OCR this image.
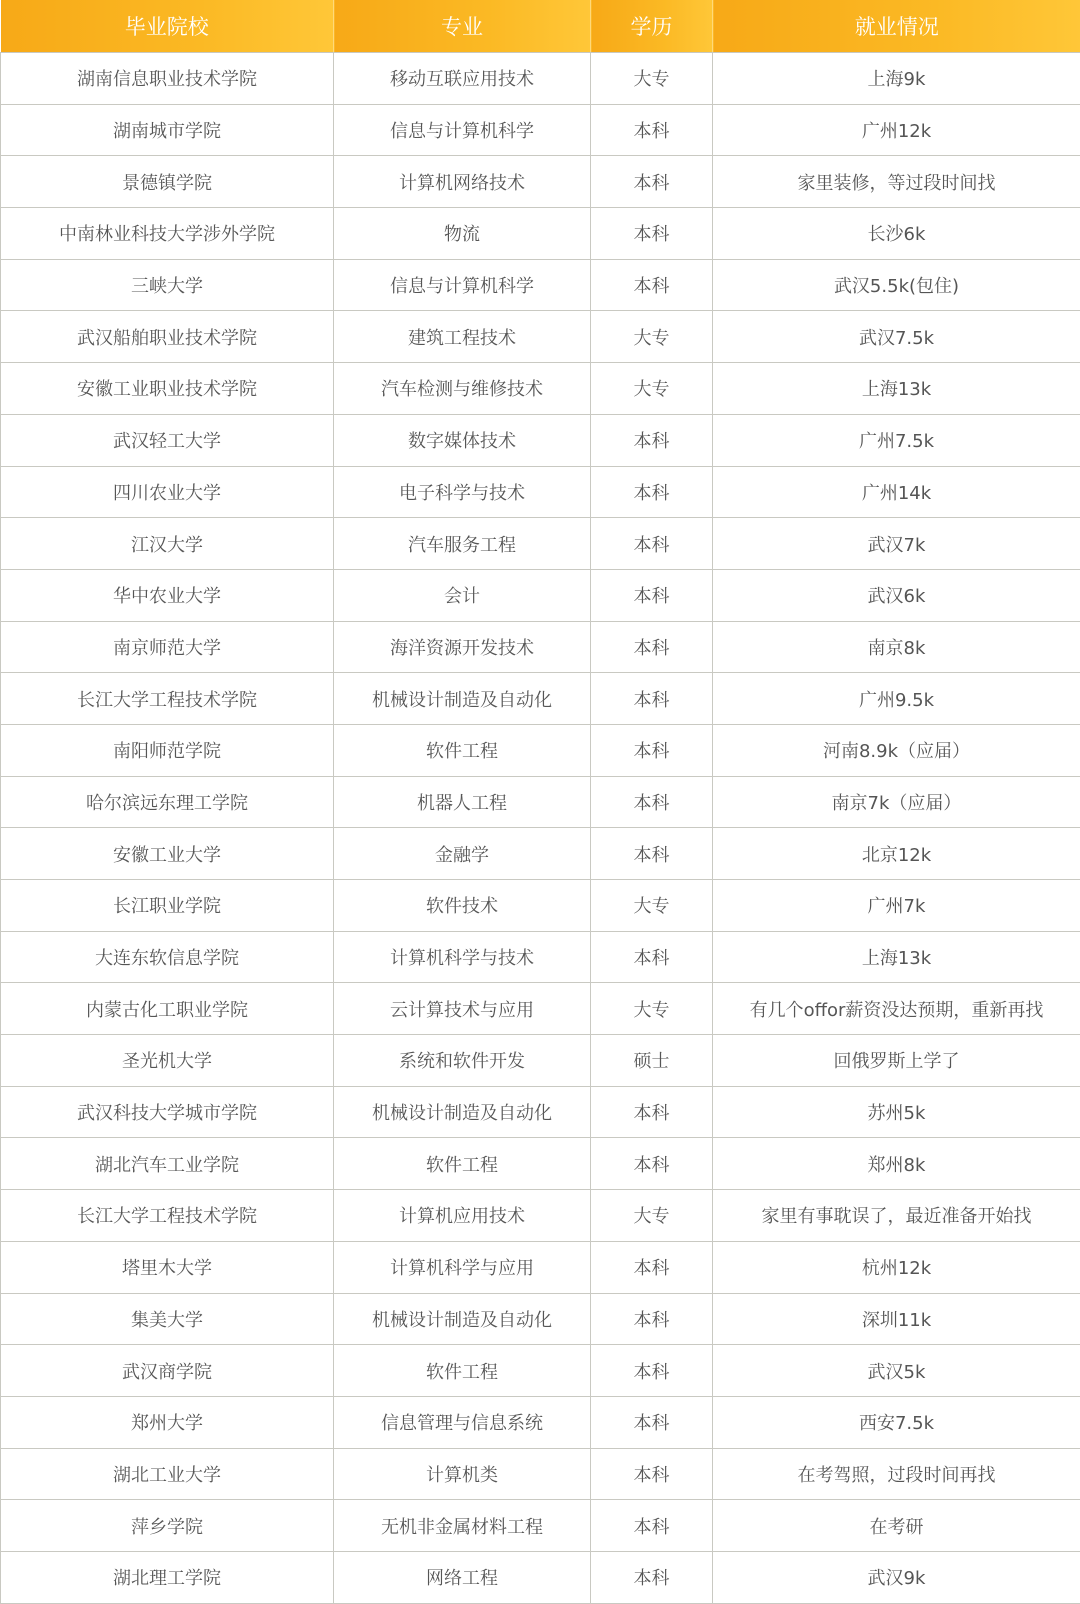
毕业院校	专业	学历	就业情况
湖南信息职业技术学院	移动互联应用技术	大专	上海9k
湖南城市学院	信息与计算机科学	本科	广州12k
景德镇学院	计算机网络技术	本科	家里装修，等过段时间找
中南林业科技大学涉外学院	物流	本科	长沙6k
三峡大学	信息与计算机科学	本科	武汉5.5k(包住)
武汉船舶职业技术学院	建筑工程技术	大专	武汉7.5k
安徽工业职业技术学院	汽车检测与维修技术	大专	上海13k
武汉轻工大学	数字媒体技术	本科	广州7.5k
四川农业大学	电子科学与技术	本科	广州14k
江汉大学	汽车服务工程	本科	武汉7k
华中农业大学	会计	本科	武汉6k
南京师范大学	海洋资源开发技术	本科	南京8k
长江大学工程技术学院	机械设计制造及自动化	本科	广州9.5k
南阳师范学院	软件工程	本科	河南8.9k（应届）
哈尔滨远东理工学院	机器人工程	本科	南京7k（应届）
安徽工业大学	金融学	本科	北京12k
长江职业学院	软件技术	大专	广州7k
大连东软信息学院	计算机科学与技术	本科	上海13k
内蒙古化工职业学院	云计算技术与应用	大专	有几个offor薪资没达预期，重新再找
圣光机大学	系统和软件开发	硕士	回俄罗斯上学了
武汉科技大学城市学院	机械设计制造及自动化	本科	苏州5k
湖北汽车工业学院	软件工程	本科	郑州8k
长江大学工程技术学院	计算机应用技术	大专	家里有事耽误了，最近准备开始找
塔里木大学	计算机科学与应用	本科	杭州12k
集美大学	机械设计制造及自动化	本科	深圳11k
武汉商学院	软件工程	本科	武汉5k
郑州大学	信息管理与信息系统	本科	西安7.5k
湖北工业大学	计算机类	本科	在考驾照，过段时间再找
萍乡学院	无机非金属材料工程	本科	在考研
湖北理工学院	网络工程	本科	武汉9k
